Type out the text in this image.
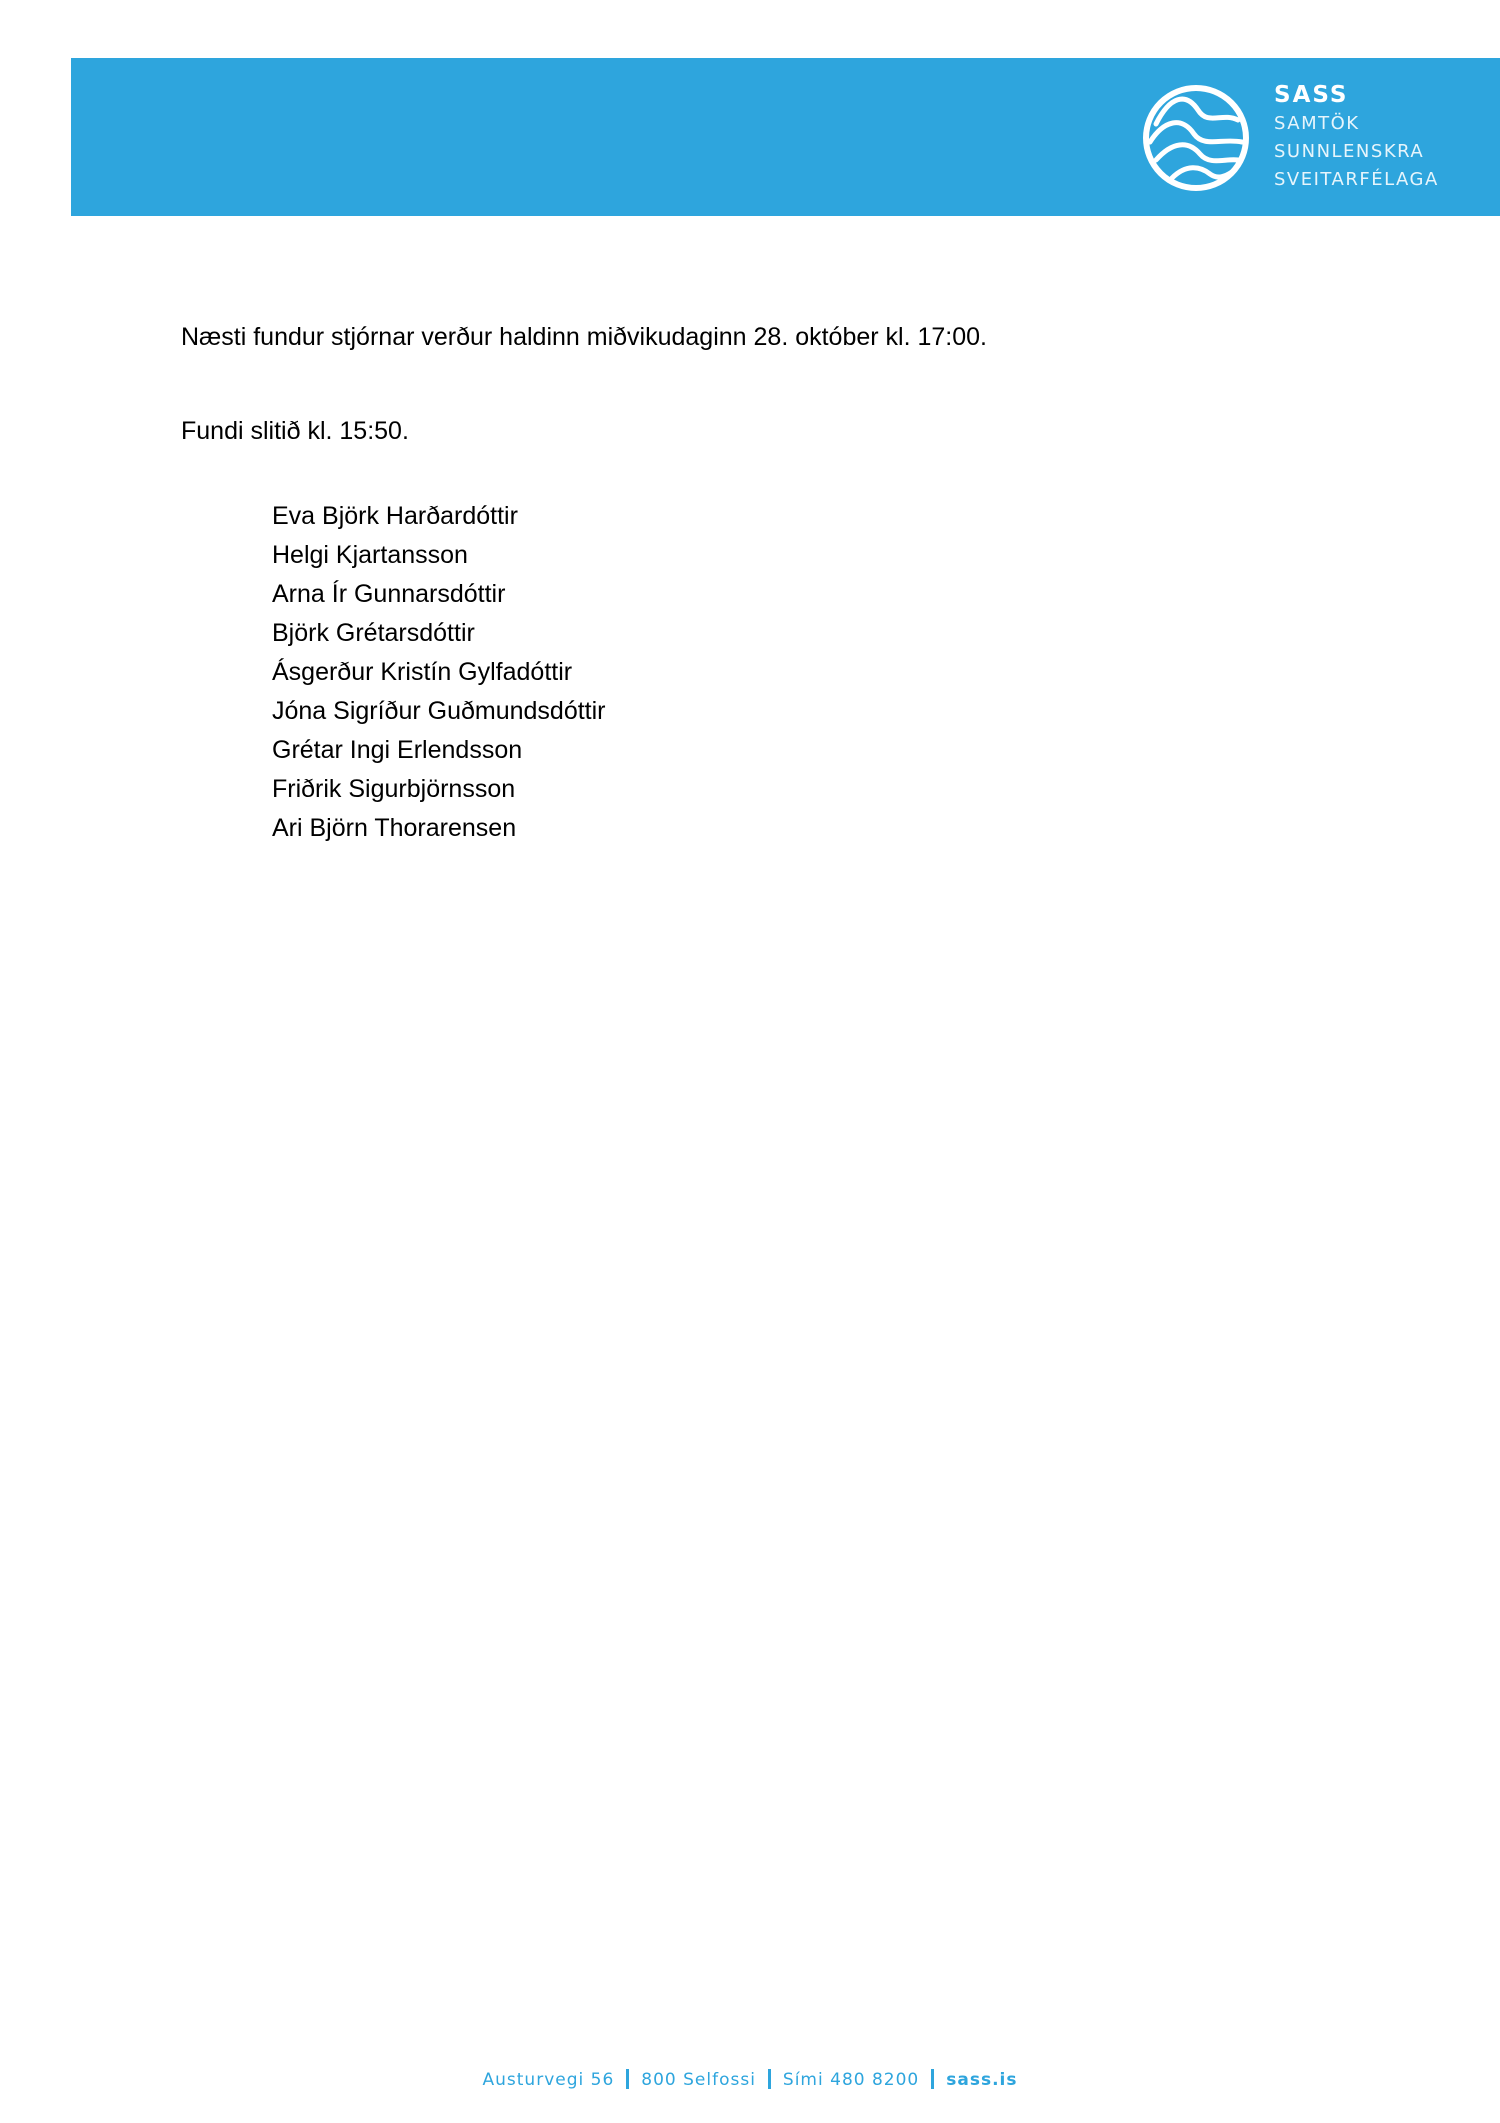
SASS
SAMTÖK
SUNNLENSKRA
SVEITARFÉLAGA

Næsti fundur stjórnar verður haldinn miðvikudaginn 28. október kl. 17:00.

Fundi slitið kl. 15:50.

Eva Björk Harðardóttir
Helgi Kjartansson
Arna Ír Gunnarsdóttir
Björk Grétarsdóttir
Ásgerður Kristín Gylfadóttir
Jóna Sigríður Guðmundsdóttir
Grétar Ingi Erlendsson
Friðrik Sigurbjörnsson
Ari Björn Thorarensen
Austurvegi 56 800 Selfossi Sími 480 8200 sass.is
